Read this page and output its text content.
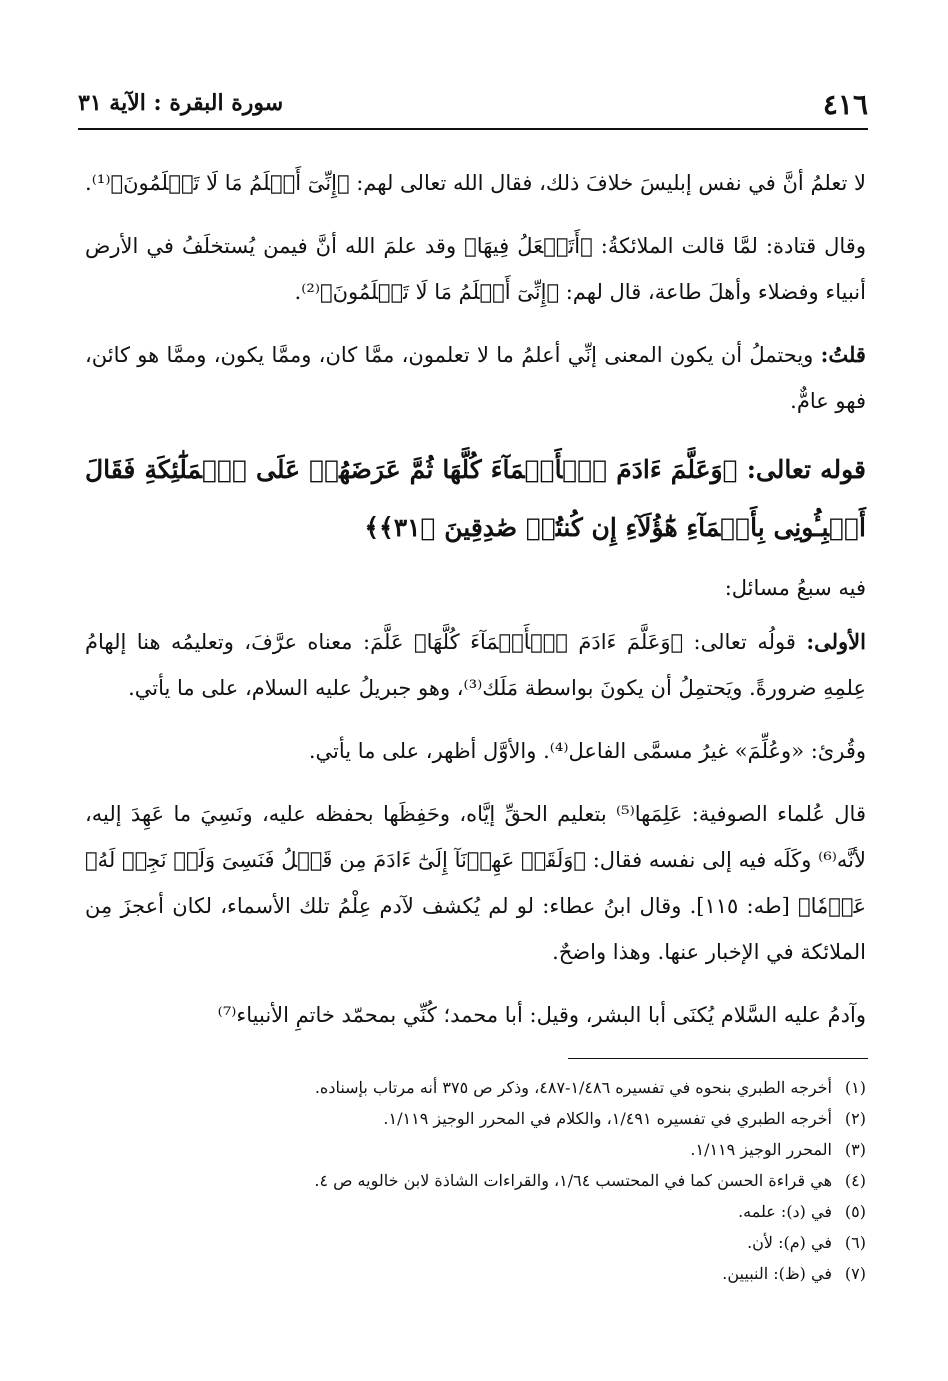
٤١٦
سورة البقرة : الآية ٣١

لا تعلمُ أنَّ في نفس إبليسَ خلافَ ذلك، فقال الله تعالى لهم: ﴿إِنِّىٓ أَعۡلَمُ مَا لَا تَعۡلَمُونَ﴾⁽¹⁾.

وقال قتادة: لمَّا قالت الملائكةُ: ﴿أَتَجۡعَلُ فِيهَا﴾ وقد علمَ الله أنَّ فيمن يُستخلَفُ في الأرض أنبياء وفضلاء وأهلَ طاعة، قال لهم: ﴿إِنِّىٓ أَعۡلَمُ مَا لَا تَعۡلَمُونَ﴾⁽²⁾.

قلتُ: ويحتملُ أن يكون المعنى إنِّي أعلمُ ما لا تعلمون، ممَّا كان، وممَّا يكون، وممَّا هو كائن، فهو عامٌّ.

قوله تعالى: ﴿وَعَلَّمَ ءَادَمَ ٱلۡأَسۡمَآءَ كُلَّهَا ثُمَّ عَرَضَهُمۡ عَلَى ٱلۡمَلَٰٓئِكَةِ فَقَالَ أَنۢبِـُٔونِى بِأَسۡمَآءِ هَٰٓؤُلَآءِ إِن كُنتُمۡ صَٰدِقِينَ ﴿٣١﴾﴾

فيه سبعُ مسائل:

الأولى: قولُه تعالى: ﴿وَعَلَّمَ ءَادَمَ ٱلۡأَسۡمَآءَ كُلَّهَا﴾ عَلَّمَ: معناه عرَّفَ، وتعليمُه هنا إلهامُ عِلمِهِ ضرورةً. ويَحتمِلُ أن يكونَ بواسطة مَلَك⁽³⁾، وهو جبريلُ عليه السلام، على ما يأتي.

وقُرئ: «وعُلِّمَ» غيرُ مسمَّى الفاعل⁽⁴⁾. والأوَّل أظهر، على ما يأتي.

قال عُلماء الصوفية: عَلِمَها⁽⁵⁾ بتعليم الحقِّ إيَّاه، وحَفِظَها بحفظه عليه، ونَسِيَ ما عَهِدَ إليه، لأنَّه⁽⁶⁾ وكَلَه فيه إلى نفسه فقال: ﴿وَلَقَدۡ عَهِدۡنَآ إِلَىٰٓ ءَادَمَ مِن قَبۡلُ فَنَسِىَ وَلَمۡ نَجِدۡ لَهُۥ عَزۡمٗا﴾ [طه: ١١٥]. وقال ابنُ عطاء: لو لم يُكشف لآدم عِلْمُ تلك الأسماء، لكان أعجزَ مِن الملائكة في الإخبار عنها. وهذا واضحٌ.

وآدمُ عليه السَّلام يُكنَى أبا البشر، وقيل: أبا محمد؛ كُنِّي بمحمّد خاتمِ الأنبياء⁽⁷⁾

(١)أخرجه الطبري بنحوه في تفسيره ١/٤٨٦-٤٨٧، وذكر ص ٣٧٥ أنه مرتاب بإسناده.

(٢)أخرجه الطبري في تفسيره ١/٤٩١، والكلام في المحرر الوجيز ١/١١٩.

(٣)المحرر الوجيز ١/١١٩.

(٤)هي قراءة الحسن كما في المحتسب ١/٦٤، والقراءات الشاذة لابن خالويه ص ٤.

(٥)في (د): علمه.

(٦)في (م): لأن.

(٧)في (ظ): النبيين.
